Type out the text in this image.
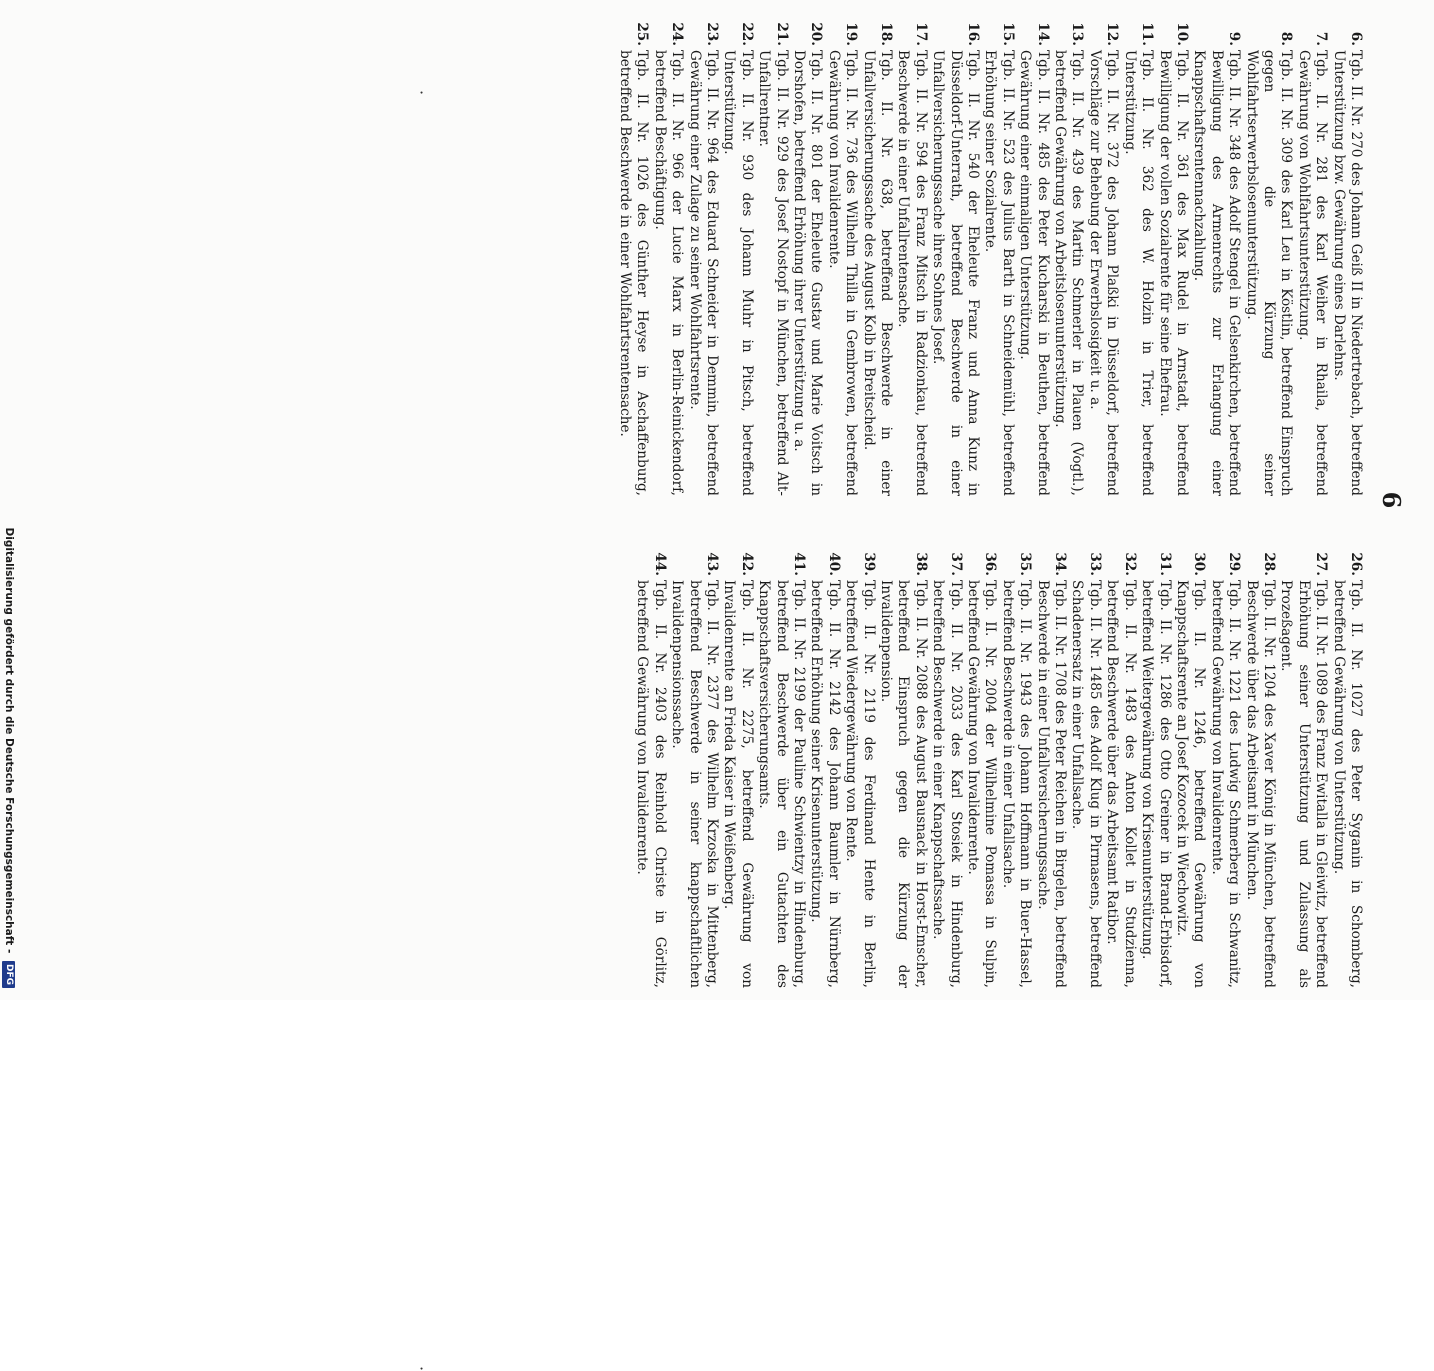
6
·
·

6.
Tgb. II. Nr. 270 des Johann Geiß II in Niedertrebach, betreffend Unterstützung bzw. Gewährung eines Darlehns.

7.
Tgb. II. Nr. 281 des Karl Weiher in Rhaila, betreffend Gewährung von Wohlfahrtsunterstützung.

8.
Tgb. II. Nr. 309 des Karl Leu in Köstlin, betreffend Einspruch gegen die Kürzung seiner Wohlfahrtserwerbslosenunterstützung.

9.
Tgb. II. Nr. 348 des Adolf Stengel in Gelsenkirchen, betreffend Bewilligung des Armenrechts zur Erlangung einer Knappschaftsrentennachzahlung.

10.
Tgb. II. Nr. 361 des Max Rudel in Arnstadt, betreffend Bewilligung der vollen Sozialrente für seine Ehefrau.

11.
Tgb. II. Nr. 362 des W. Holzin in Trier, betreffend Unterstützung.

12.
Tgb. II. Nr. 372 des Johann Plaßki in Düsseldorf, betreffend Vorschläge zur Behebung der Erwerbslosigkeit u. a.

13.
Tgb. II. Nr. 439 des Martin Schmerler in Plauen (Vogtl.), betreffend Gewährung von Arbeitslosenunterstützung.

14.
Tgb. II. Nr. 485 des Peter Kucharski in Beuthen, betreffend Gewährung einer einmaligen Unterstützung.

15.
Tgb. II. Nr. 523 des Julius Barth in Schneidemühl, betreffend Erhöhung seiner Sozialrente.

16.
Tgb. II. Nr. 540 der Eheleute Franz und Anna Kunz in Düsseldorf-Unterrath, betreffend Beschwerde in einer Unfallversicherungssache ihres Sohnes Josef.

17.
Tgb. II. Nr. 594 des Franz Mitsch in Radzionkau, betreffend Beschwerde in einer Unfallrentensache.

18.
Tgb. II. Nr. 638, betreffend Beschwerde in einer Unfallversicherungssache des August Kolb in Breitscheid.

19.
Tgb. II. Nr. 736 des Wilhelm Thilla in Gembrowen, betreffend Gewährung von Invalidenrente.

20.
Tgb. II. Nr. 801 der Eheleute Gustav und Marie Voitsch in Dorshofen, betreffend Erhöhung ihrer Unterstützung u. a.

21.
Tgb. II. Nr. 929 des Josef Nostopf in München, betreffend Alt-Unfallrentner.

22.
Tgb. II. Nr. 930 des Johann Muhr in Pitsch, betreffend Unterstützung.

23.
Tgb. II. Nr. 964 des Eduard Schneider in Demmin, betreffend Gewährung einer Zulage zu seiner Wohlfahrtsrente.

24.
Tgb. II. Nr. 966 der Lucie Marx in Berlin-Reinickendorf, betreffend Beschäftigung.

25.
Tgb. II. Nr. 1026 des Günther Heyse in Aschaffenburg, betreffend Beschwerde in einer Wohlfahrtsrentensache.

26.
Tgb. II. Nr. 1027 des Peter Syganin in Schomberg, betreffend Gewährung von Unterstützung.

27.
Tgb. II. Nr. 1089 des Franz Ewitalla in Gleiwitz, betreffend Erhöhung seiner Unterstützung und Zulassung als Prozeßagent.

28.
Tgb. II. Nr. 1204 des Xaver König in München, betreffend Beschwerde über das Arbeitsamt in München.

29.
Tgb. II. Nr. 1221 des Ludwig Schmerberg in Schwanitz, betreffend Gewährung von Invalidenrente.

30.
Tgb. II. Nr. 1246, betreffend Gewährung von Knappschaftsrente an Josef Kozocek in Wiechowitz.

31.
Tgb. II. Nr. 1286 des Otto Greiner in Brand-Erbisdorf, betreffend Weitergewährung von Krisenunterstützung.

32.
Tgb. II. Nr. 1483 des Anton Kollet in Studzienna, betreffend Beschwerde über das Arbeitsamt Ratibor.

33.
Tgb. II. Nr. 1485 des Adolf Klug in Pirmasens, betreffend Schadenersatz in einer Unfallsache.

34.
Tgb. II. Nr. 1708 des Peter Reichen in Birgelen, betreffend Beschwerde in einer Unfallversicherungssache.

35.
Tgb. II. Nr. 1943 des Johann Hoffmann in Buer-Hassel, betreffend Beschwerde in einer Unfallsache.

36.
Tgb. II. Nr. 2004 der Wilhelmine Pomassa in Sulpin, betreffend Gewährung von Invalidenrente.

37.
Tgb. II. Nr. 2033 des Karl Stosiek in Hindenburg, betreffend Beschwerde in einer Knappschaftssache.

38.
Tgb. II. Nr. 2088 des August Bausnack in Horst-Emscher, betreffend Einspruch gegen die Kürzung der Invalidenpension.

39.
Tgb. II. Nr. 2119 des Ferdinand Hente in Berlin, betreffend Wiedergewährung von Rente.

40.
Tgb. II. Nr. 2142 des Johann Baumler in Nürnberg, betreffend Erhöhung seiner Krisenunterstützung.

41.
Tgb. II. Nr. 2199 der Pauline Schwientzy in Hindenburg, betreffend Beschwerde über ein Gutachten des Knappschaftsversicherungsamts.

42.
Tgb. II. Nr. 2275, betreffend Gewährung von Invalidenrente an Frieda Kaiser in Weißenberg.

43.
Tgb. II. Nr. 2377 des Wilhelm Krzoska in Mittenberg, betreffend Beschwerde in seiner knappschaftlichen Invalidenpensionssache.

44.
Tgb. II. Nr. 2403 des Reinhold Christe in Görlitz, betreffend Gewährung von Invalidenrente.

Digitalisierung gefördert durch die Deutsche Forschungsgemeinschaft - DFG
